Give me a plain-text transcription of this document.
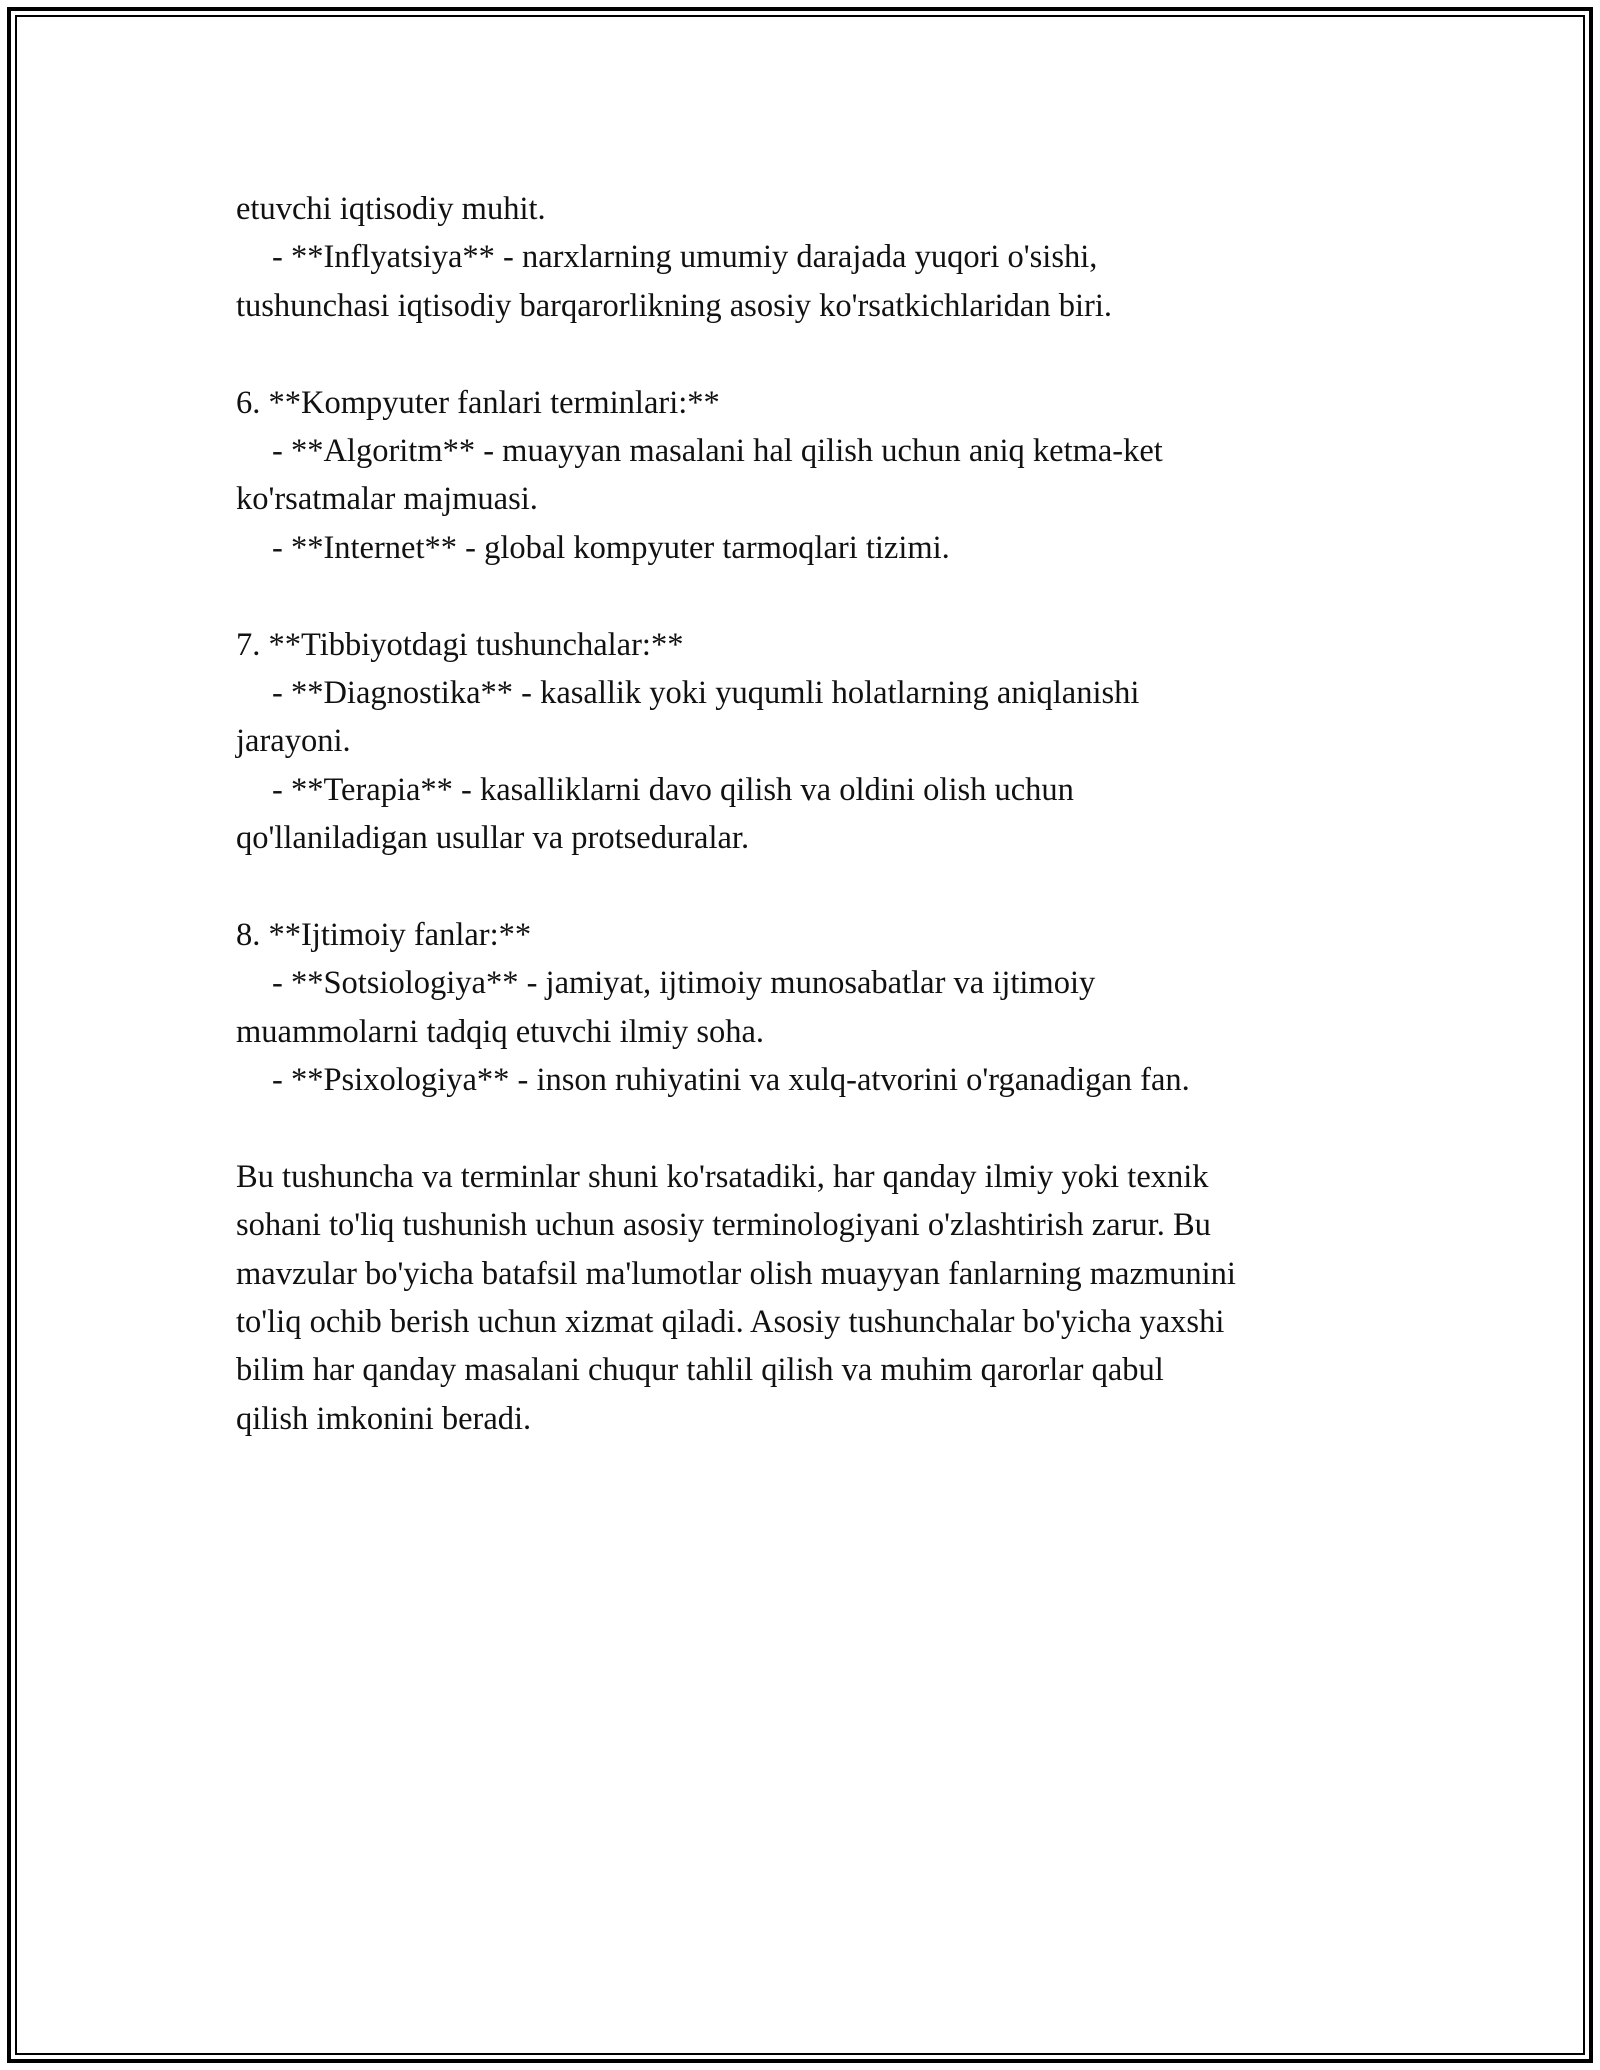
etuvchi iqtisodiy muhit.
- **Inflyatsiya** - narxlarning umumiy darajada yuqori o'sishi,
tushunchasi iqtisodiy barqarorlikning asosiy ko'rsatkichlaridan biri.
6. **Kompyuter fanlari terminlari:**
- **Algoritm** - muayyan masalani hal qilish uchun aniq ketma-ket
ko'rsatmalar majmuasi.
- **Internet** - global kompyuter tarmoqlari tizimi.
7. **Tibbiyotdagi tushunchalar:**
- **Diagnostika** - kasallik yoki yuqumli holatlarning aniqlanishi
jarayoni.
- **Terapia** - kasalliklarni davo qilish va oldini olish uchun
qo'llaniladigan usullar va protseduralar.
8. **Ijtimoiy fanlar:**
- **Sotsiologiya** - jamiyat, ijtimoiy munosabatlar va ijtimoiy
muammolarni tadqiq etuvchi ilmiy soha.
- **Psixologiya** - inson ruhiyatini va xulq-atvorini o'rganadigan fan.
Bu tushuncha va terminlar shuni ko'rsatadiki, har qanday ilmiy yoki texnik
sohani to'liq tushunish uchun asosiy terminologiyani o'zlashtirish zarur. Bu
mavzular bo'yicha batafsil ma'lumotlar olish muayyan fanlarning mazmunini
to'liq ochib berish uchun xizmat qiladi. Asosiy tushunchalar bo'yicha yaxshi
bilim har qanday masalani chuqur tahlil qilish va muhim qarorlar qabul
qilish imkonini beradi.
